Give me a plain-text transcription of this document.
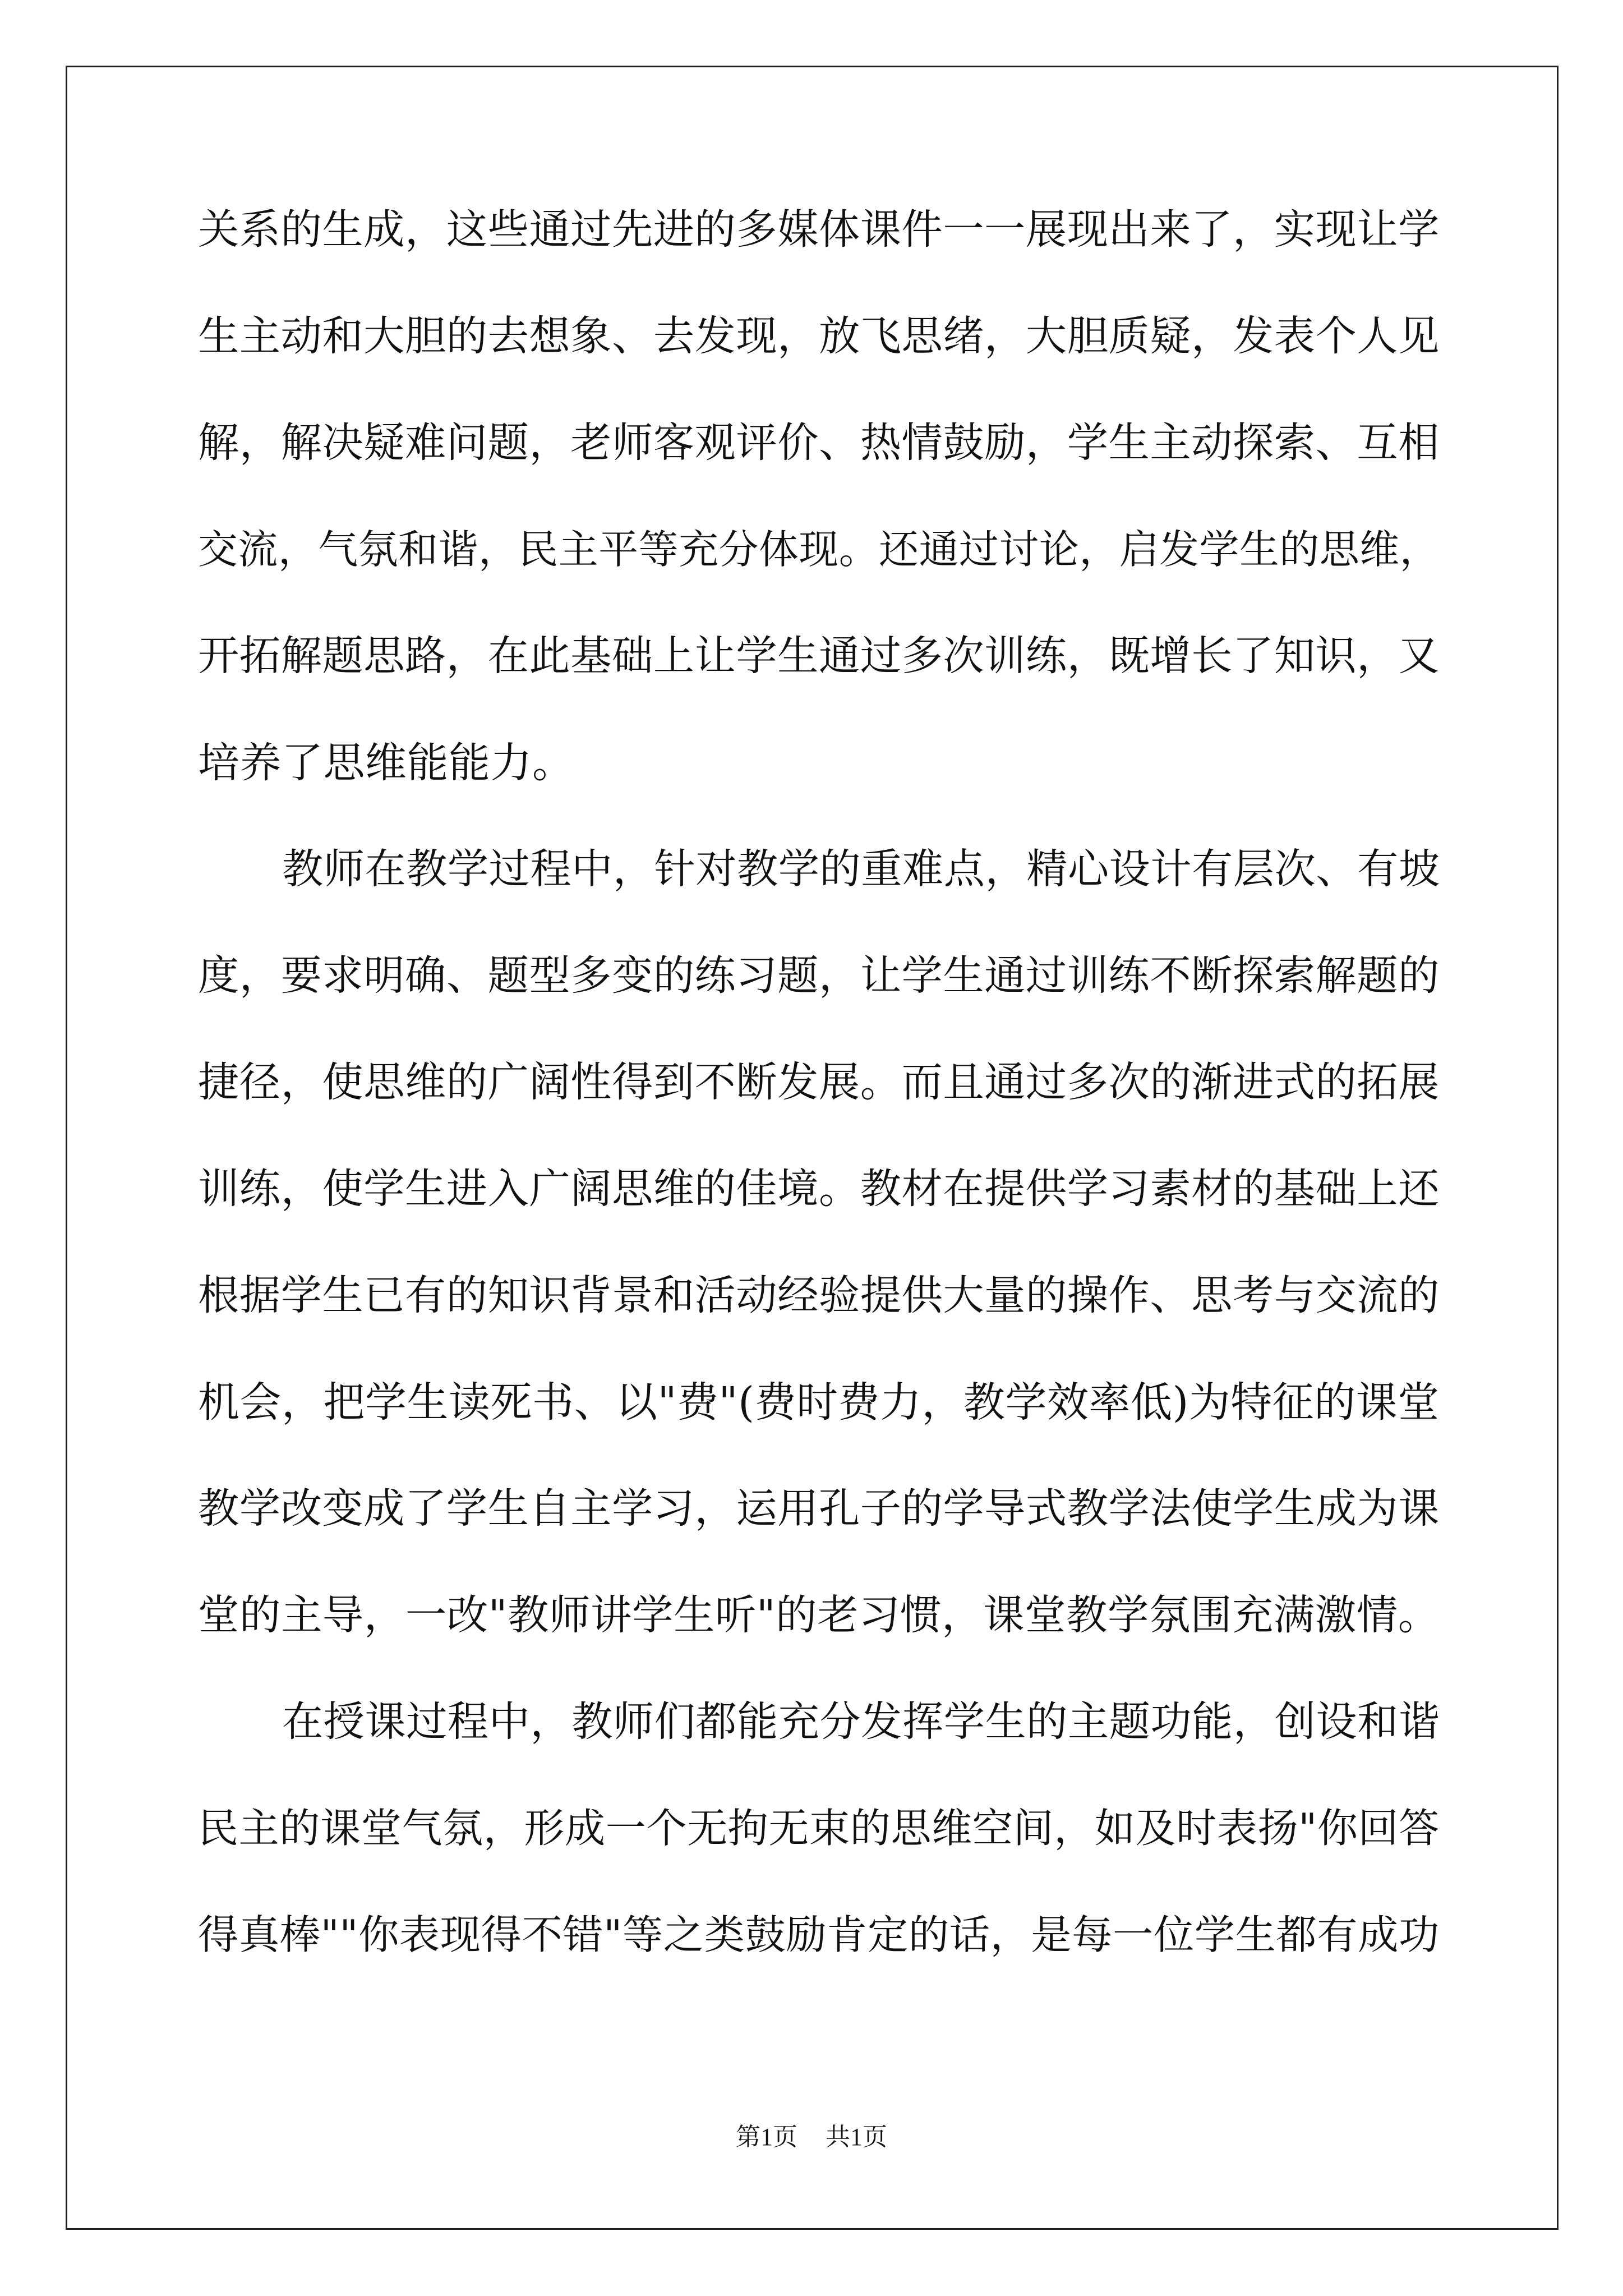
关系的生成，这些通过先进的多媒体课件一一展现出来了，实现让学
生主动和大胆的去想象、去发现，放飞思绪，大胆质疑，发表个人见
解，解决疑难问题，老师客观评价、热情鼓励，学生主动探索、互相
交流，气氛和谐，民主平等充分体现。还通过讨论，启发学生的思维，
开拓解题思路，在此基础上让学生通过多次训练，既增长了知识，又
培养了思维能能力。
教师在教学过程中，针对教学的重难点，精心设计有层次、有坡
度，要求明确、题型多变的练习题，让学生通过训练不断探索解题的
捷径，使思维的广阔性得到不断发展。而且通过多次的渐进式的拓展
训练，使学生进入广阔思维的佳境。教材在提供学习素材的基础上还
根据学生已有的知识背景和活动经验提供大量的操作、思考与交流的
机会，把学生读死书、以"费"(费时费力，教学效率低)为特征的课堂
教学改变成了学生自主学习，运用孔子的学导式教学法使学生成为课
堂的主导，一改"教师讲学生听"的老习惯，课堂教学氛围充满激情。
在授课过程中，教师们都能充分发挥学生的主题功能，创设和谐
民主的课堂气氛，形成一个无拘无束的思维空间，如及时表扬"你回答
得真棒""你表现得不错"等之类鼓励肯定的话，是每一位学生都有成功
第1页 共1页
